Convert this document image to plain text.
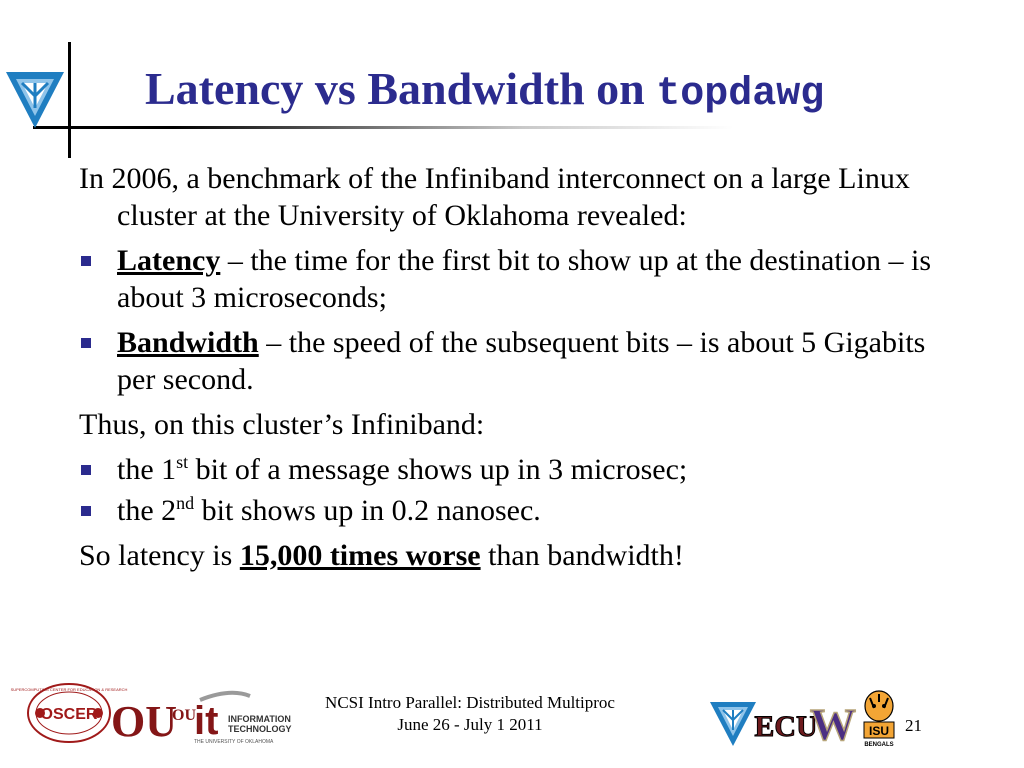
Latency vs Bandwidth on topdawg

In 2006, a benchmark of the Infiniband interconnect on a large Linux cluster at the University of Oklahoma revealed:

Latency – the time for the first bit to show up at the destination – is about 3 microseconds;
Bandwidth – the speed of the subsequent bits – is about 5 Gigabits per second.

Thus, on this cluster’s Infiniband:

the 1st bit of a message shows up in 3 microsec;
the 2nd bit shows up in 0.2 nanosec.

So latency is 15,000 times worse than bandwidth!

OSCER
SUPERCOMPUTING CENTER FOR EDUCATION & RESEARCH
OU
OU
it INFORMATION
TECHNOLOGY
THE UNIVERSITY OF OKLAHOMA
NCSI Intro Parallel: Distributed Multiproc
June 26 - July 1 2011	ECU
W ISU
BENGALS
21
